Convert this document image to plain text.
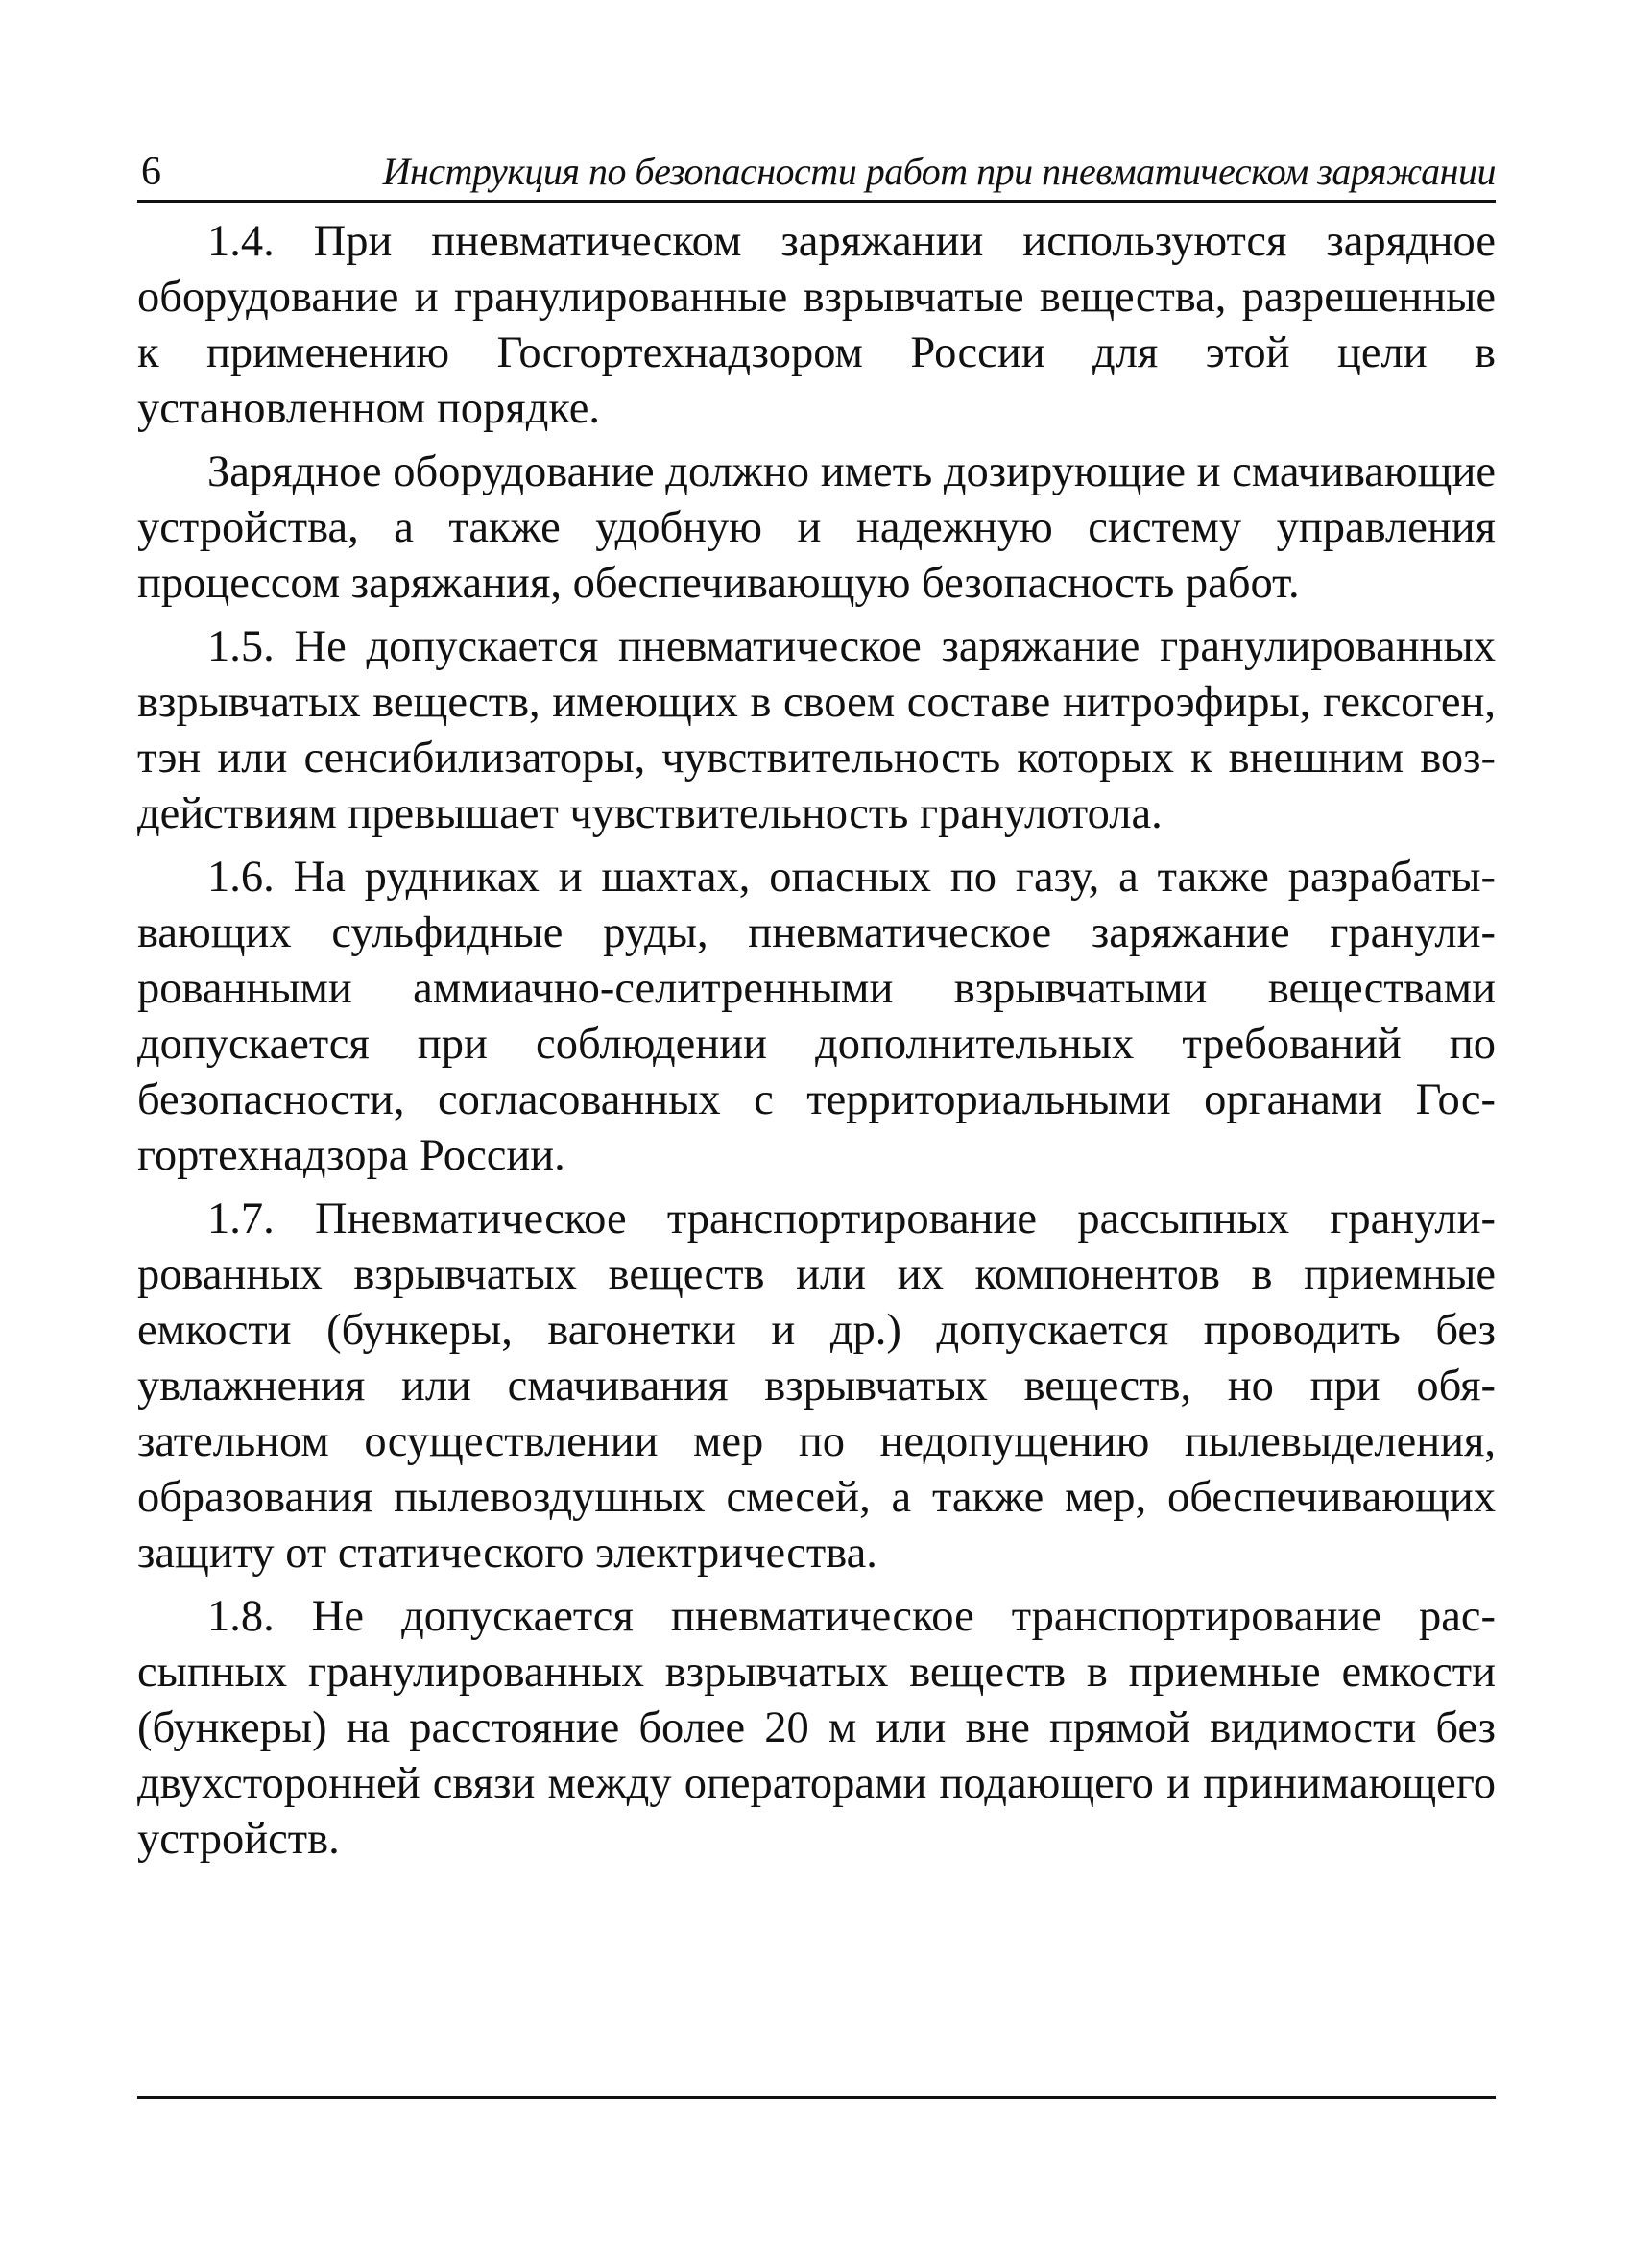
6	Инструкция по безопасности работ при пневматическом заряжании

1.4. При пневматическом заряжании используются зарядное оборудование и гранулированные взрывчатые вещества, разрешенные к применению Госгортехнадзором России для этой цели в установленном порядке.

Зарядное оборудование должно иметь дозирующие и смачивающие устройства, а также удобную и надежную систему управления процессом заряжания, обеспечивающую безопасность работ.

1.5. Не допускается пневматическое заряжание гранулированных взрывчатых веществ, имеющих в своем составе нитроэфиры, гексоген, тэн или сенсибилизаторы, чувствительность которых к внешним воздействиям превышает чувствительность гранулотола.

1.6. На рудниках и шахтах, опасных по газу, а также разрабатывающих сульфидные руды, пневматическое заряжание гранулированными аммиачно-селитренными взрывчатыми веществами допускается при соблюдении дополнительных требований по безопасности, согласованных с территориальными органами Госгортехнадзора России.

1.7. Пневматическое транспортирование рассыпных гранулированных взрывчатых веществ или их компонентов в приемные емкости (бункеры, вагонетки и др.) допускается проводить без увлажнения или смачивания взрывчатых веществ, но при обязательном осуществлении мер по недопущению пылевыделения, образования пылевоздушных смесей, а также мер, обеспечивающих защиту от статического электричества.

1.8. Не допускается пневматическое транспортирование рассыпных гранулированных взрывчатых веществ в приемные емкости (бункеры) на расстояние более 20 м или вне прямой видимости без двухсторонней связи между операторами подающего и принимающего устройств.
